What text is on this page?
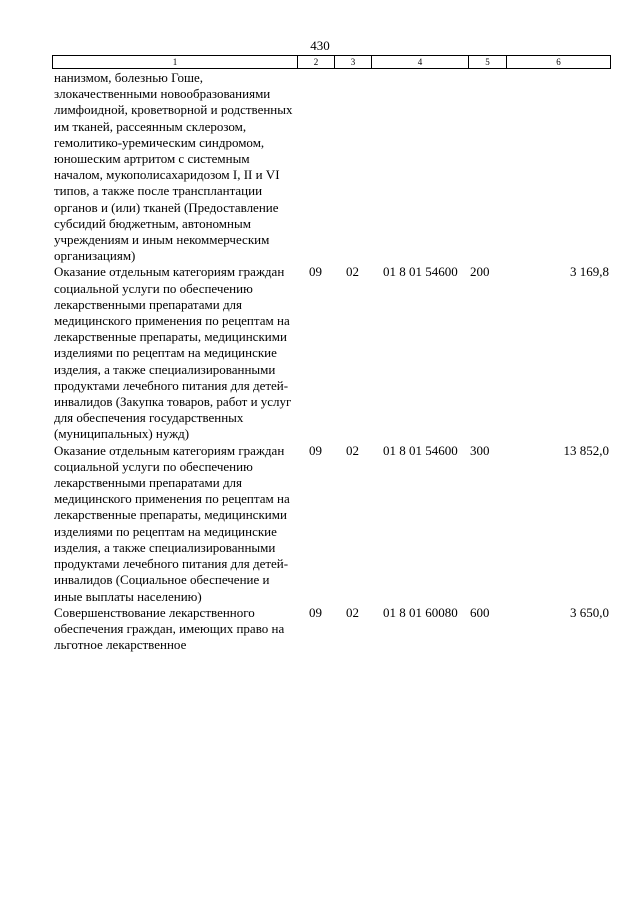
430
1	2	3	4	5	6
нанизмом, болезнью Гоше, злокачественными новообразованиями лимфоидной, кроветворной и родственных им тканей, рассеянным склерозом, гемолитико-уремическим синдромом, юношеским артритом с системным началом, мукополисахаридозом I, II и VI типов, а также после трансплантации органов и (или) тканей (Предоставление субсидий бюджетным, автономным учреждениям и иным некоммерческим организациям)					
Оказание отдельным категориям граждан социальной услуги по обеспечению лекарственными препаратами для медицинского применения по рецептам на лекарственные препараты, медицинскими изделиями по рецептам на медицинские изделия, а также специализированными продуктами лечебного питания для детей-инвалидов (Закупка товаров, работ и услуг для обеспечения государственных (муниципальных) нужд)	09	02	01 8 01 54600	200	3 169,8
Оказание отдельным категориям граждан социальной услуги по обеспечению лекарственными препаратами для медицинского применения по рецептам на лекарственные препараты, медицинскими изделиями по рецептам на медицинские изделия, а также специализированными продуктами лечебного питания для детей-инвалидов (Социальное обеспечение и иные выплаты населению)	09	02	01 8 01 54600	300	13 852,0
Совершенствование лекарственного обеспечения граждан, имеющих право на льготное лекарственное	09	02	01 8 01 60080	600	3 650,0
